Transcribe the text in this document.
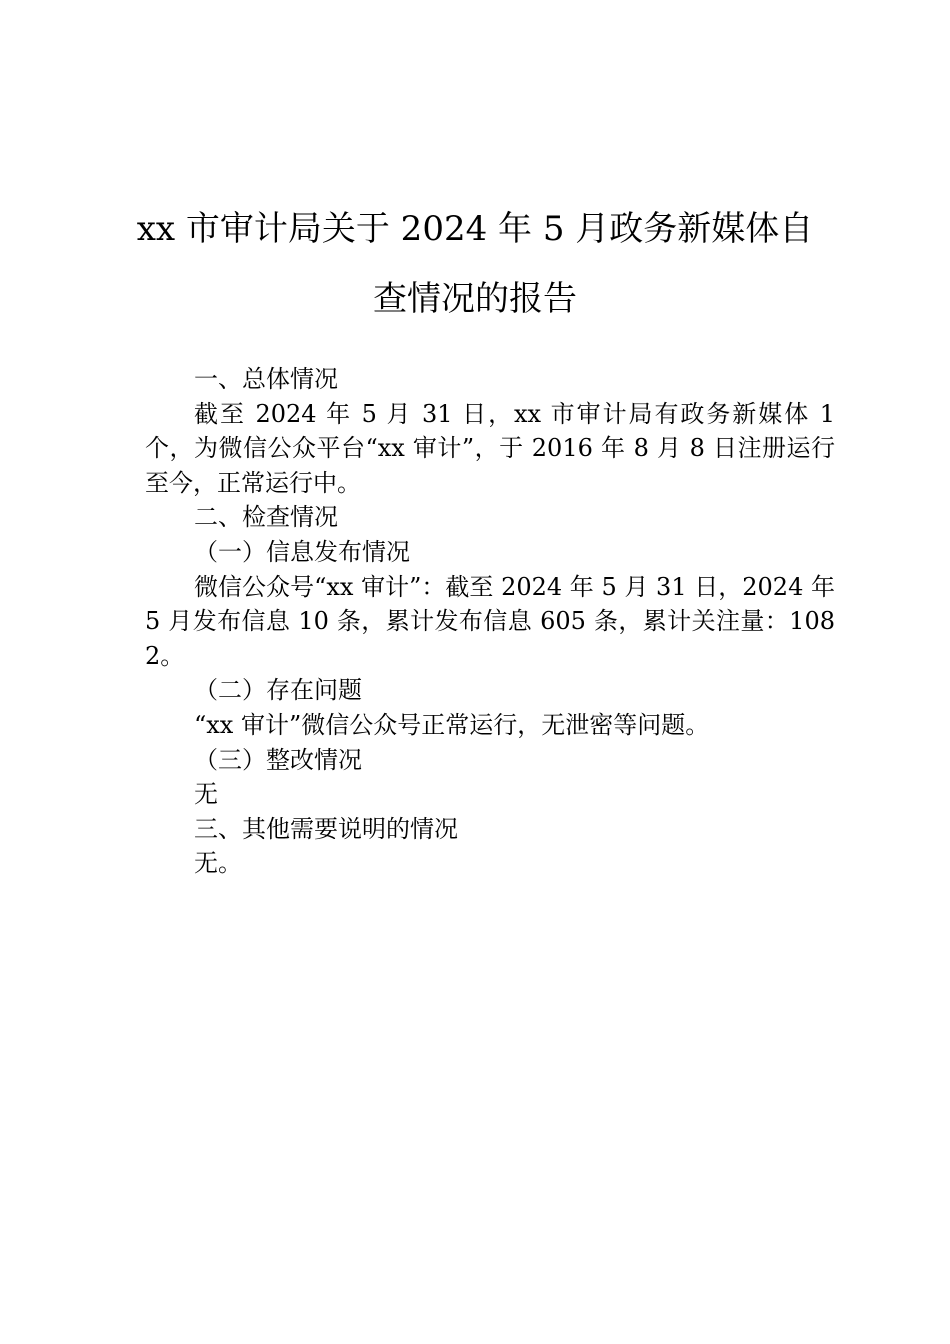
xx 市审计局关于 2024 年 5 月政务新媒体自
查情况的报告

一、总体情况

截至 2024 年 5 月 31 日，xx 市审计局有政务新媒体 1 个，为微信公众平台“xx 审计”，于 2016 年 8 月 8 日注册运行至今，正常运行中。

二、检查情况

（一）信息发布情况

微信公众号“xx 审计”：截至 2024 年 5 月 31 日，2024 年 5 月发布信息 10 条，累计发布信息 605 条，累计关注量：1082。

（二）存在问题

“xx 审计”微信公众号正常运行，无泄密等问题。

（三）整改情况

无

三、其他需要说明的情况

无。
